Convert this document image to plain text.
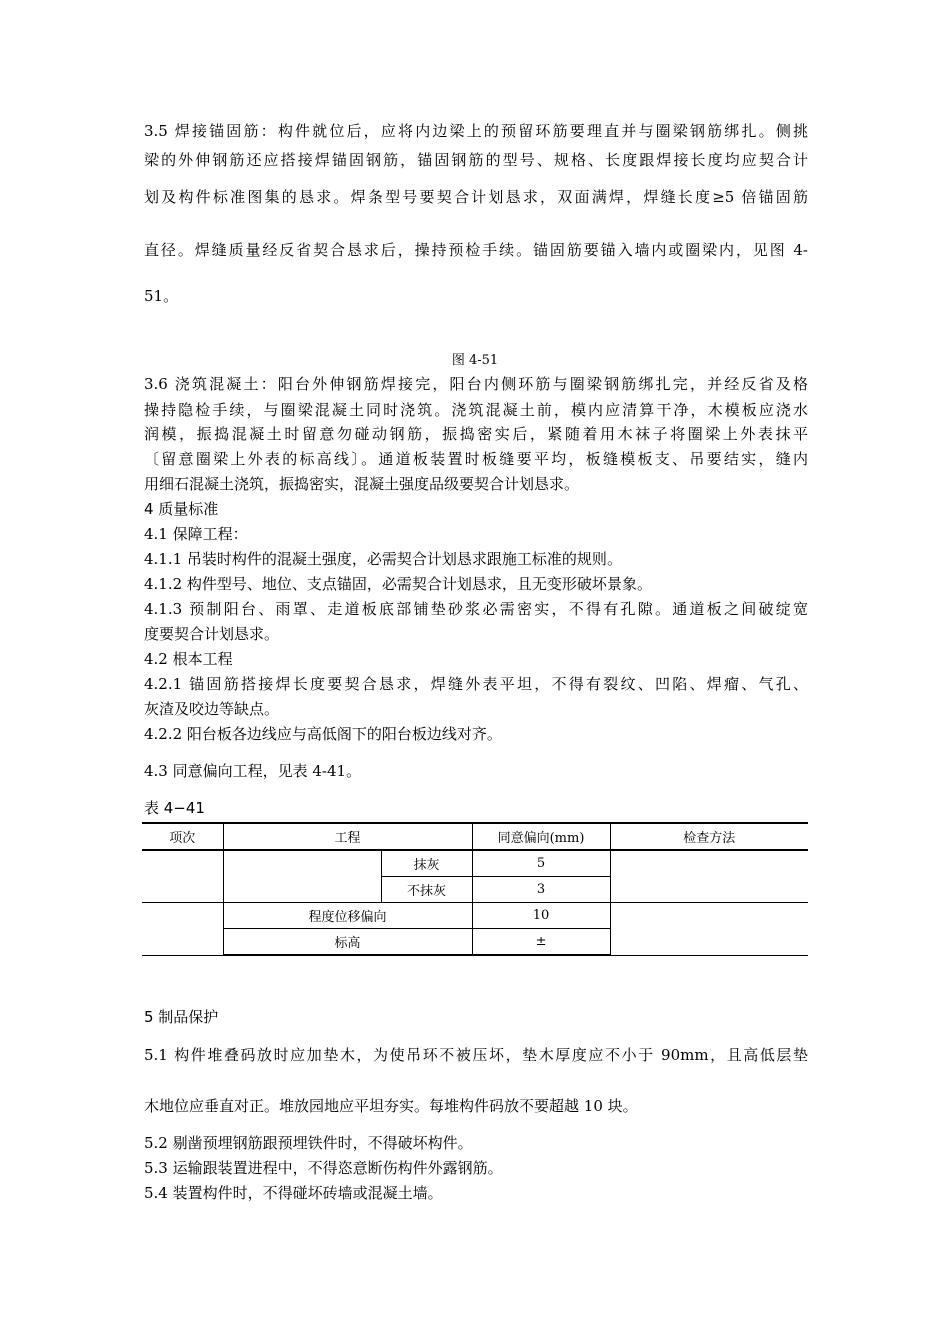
3.5 焊接锚固筋：构件就位后，应将内边梁上的预留环筋要理直并与圈梁钢筋绑扎。侧挑
梁的外伸钢筋还应搭接焊锚固钢筋，锚固钢筋的型号、规格、长度跟焊接长度均应契合计
划及构件标准图集的恳求。焊条型号要契合计划恳求，双面满焊，焊缝长度≥5 倍锚固筋
直径。焊缝质量经反省契合恳求后，操持预检手续。锚固筋要锚入墙内或圈梁内，见图 4-
51。
图 4-51
3.6 浇筑混凝土：阳台外伸钢筋焊接完，阳台内侧环筋与圈梁钢筋绑扎完，并经反省及格
操持隐检手续，与圈梁混凝土同时浇筑。浇筑混凝土前，模内应清算干净，木模板应浇水
润模，振捣混凝土时留意勿碰动钢筋，振捣密实后，紧随着用木袜子将圈梁上外表抹平
〔留意圈梁上外表的标高线〕。通道板装置时板缝要平均，板缝模板支、吊要结实，缝内
用细石混凝土浇筑，振捣密实，混凝土强度品级要契合计划恳求。
4 质量标准
4.1 保障工程：
4.1.1 吊装时构件的混凝土强度，必需契合计划恳求跟施工标准的规则。
4.1.2 构件型号、地位、支点锚固，必需契合计划恳求，且无变形破坏景象。
4.1.3 预制阳台、雨罩、走道板底部铺垫砂浆必需密实，不得有孔隙。通道板之间破绽宽
度要契合计划恳求。
4.2 根本工程
4.2.1 锚固筋搭接焊长度要契合恳求，焊缝外表平坦，不得有裂纹、凹陷、焊瘤、气孔、
灰渣及咬边等缺点。
4.2.2 阳台板各边线应与高低阁下的阳台板边线对齐。
4.3 同意偏向工程，见表 4-41。
表 4−41
项次	工程		同意偏向(mm)	检查方法
		抹灰	5	
		不抹灰	3	
	程度位移偏向		10	
	标高		±	
5 制品保护
5.1 构件堆叠码放时应加垫木，为使吊环不被压坏，垫木厚度应不小于 90mm，且高低层垫
木地位应垂直对正。堆放园地应平坦夯实。每堆构件码放不要超越 10 块。
5.2 剔凿预埋钢筋跟预埋铁件时，不得破坏构件。
5.3 运输跟装置进程中，不得恣意断伤构件外露钢筋。
5.4 装置构件时，不得碰坏砖墙或混凝土墙。
